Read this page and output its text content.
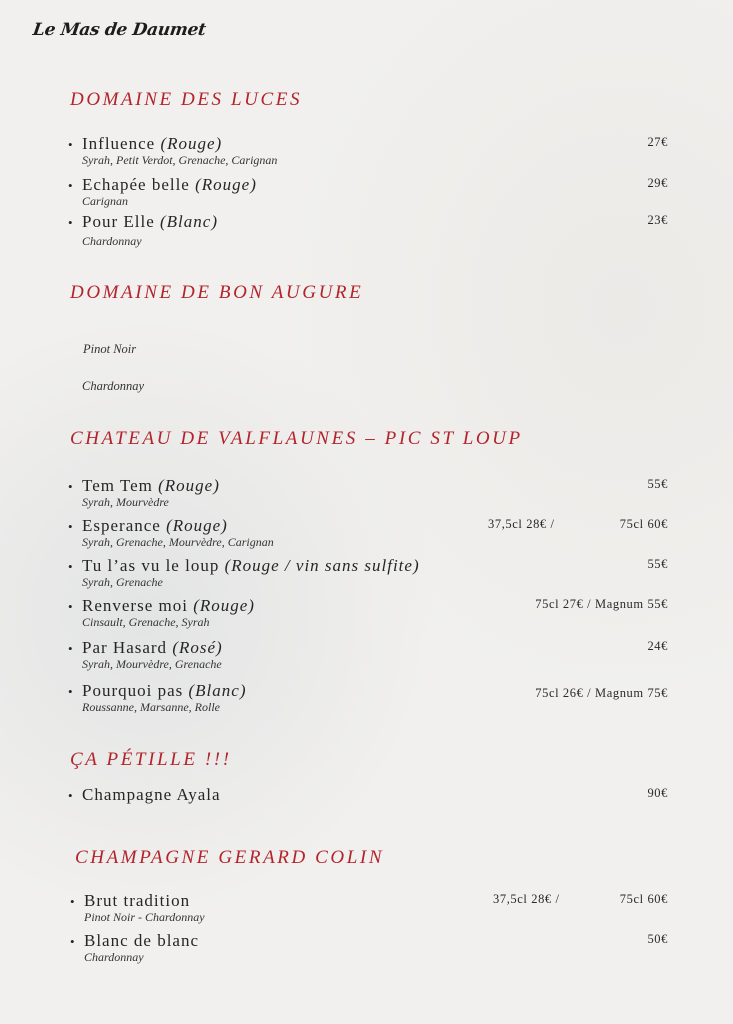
Le Mas de Daumet
DOMAINE DES LUCES
• Influence (Rouge)
Syrah, Petit Verdot, Grenache, Carignan
27€
• Echapée belle (Rouge)
Carignan
29€
• Pour Elle (Blanc)
Chardonnay
23€
DOMAINE DE BON AUGURE
Pinot Noir
Chardonnay
CHATEAU DE VALFLAUNES – PIC ST LOUP
• Tem Tem (Rouge)
Syrah, Mourvèdre
55€
• Esperance (Rouge)
Syrah, Grenache, Mourvèdre, Carignan
37,5cl 28€ /	75cl 60€
• Tu l’as vu le loup (Rouge / vin sans sulfite)
Syrah, Grenache
55€
• Renverse moi (Rouge)
Cinsault, Grenache, Syrah
75cl 27€ / Magnum 55€
• Par Hasard (Rosé)
Syrah, Mourvèdre, Grenache
24€
• Pourquoi pas (Blanc)
Roussanne, Marsanne, Rolle
75cl 26€ / Magnum 75€
ÇA PÉTILLE !!!
• Champagne Ayala	90€
CHAMPAGNE GERARD COLIN
• Brut tradition
Pinot Noir - Chardonnay
37,5cl 28€ /	75cl 60€
• Blanc de blanc
Chardonnay
50€
